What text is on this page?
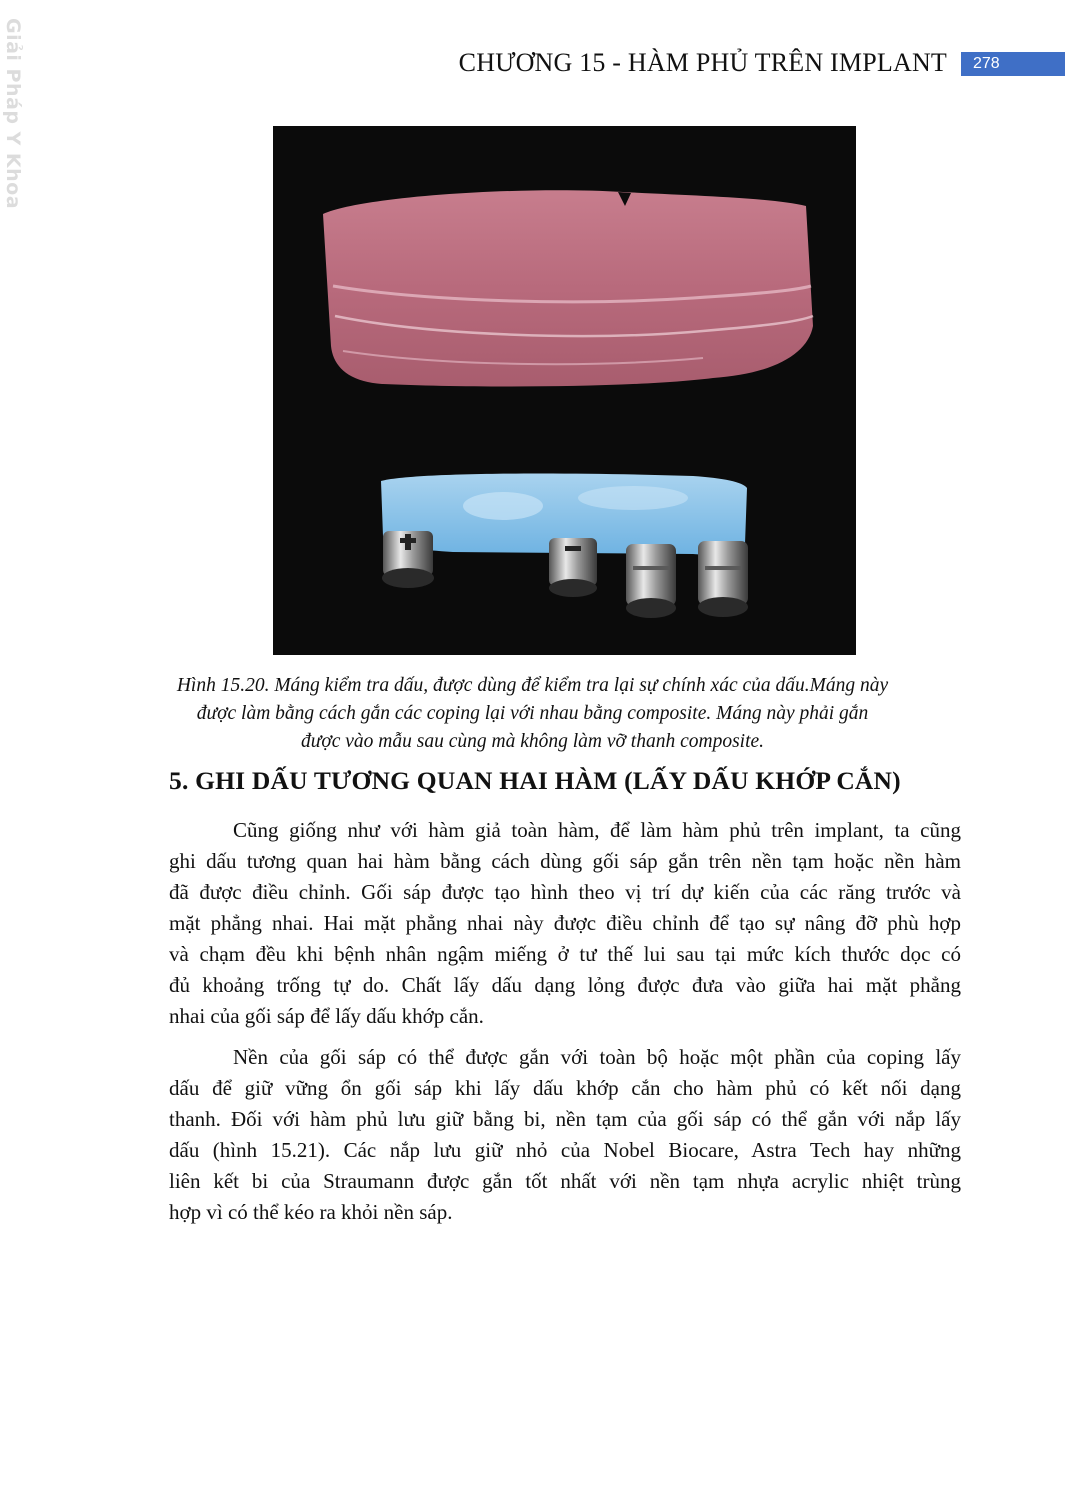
Giải Pháp Y Khoa	CHƯƠNG 15 - HÀM PHỦ TRÊN IMPLANT	278
Hình 15.20. Máng kiểm tra dấu, được dùng để kiểm tra lại sự chính xác của dấu.Máng này
được làm bằng cách gắn các coping lại với nhau bằng composite. Máng này phải gắn
được vào mẫu sau cùng mà không làm vỡ thanh composite.
5. GHI DẤU TƯƠNG QUAN HAI HÀM (LẤY DẤU KHỚP CẮN)
Cũng giống như với hàm giả toàn hàm, để làm hàm phủ trên implant, ta cũng
ghi dấu tương quan hai hàm bằng cách dùng gối sáp gắn trên nền tạm hoặc nền hàm
đã được điều chỉnh. Gối sáp được tạo hình theo vị trí dự kiến của các răng trước và
mặt phẳng nhai. Hai mặt phẳng nhai này được điều chỉnh để tạo sự nâng đỡ phù hợp
và chạm đều khi bệnh nhân ngậm miếng ở tư thế lui sau tại mức kích thước dọc có
đủ khoảng trống tự do. Chất lấy dấu dạng lỏng được đưa vào giữa hai mặt phẳng
nhai của gối sáp để lấy dấu khớp cắn.
Nền của gối sáp có thể được gắn với toàn bộ hoặc một phần của coping lấy
dấu để giữ vững ổn gối sáp khi lấy dấu khớp cắn cho hàm phủ có kết nối dạng
thanh. Đối với hàm phủ lưu giữ bằng bi, nền tạm của gối sáp có thể gắn với nắp lấy
dấu (hình 15.21). Các nắp lưu giữ nhỏ của Nobel Biocare, Astra Tech hay những
liên kết bi của Straumann được gắn tốt nhất với nền tạm nhựa acrylic nhiệt trùng
hợp vì có thể kéo ra khỏi nền sáp.
